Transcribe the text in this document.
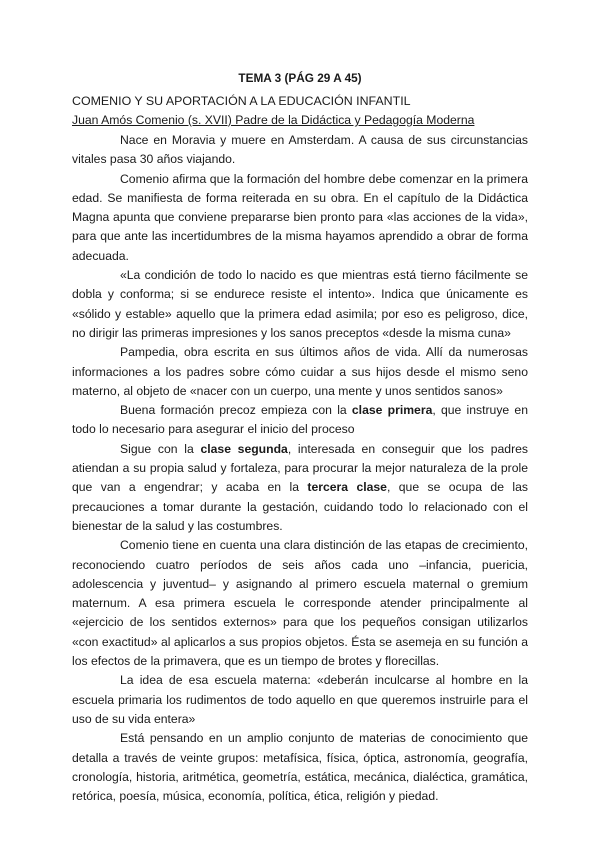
TEMA 3 (PÁG 29 A 45)
COMENIO Y SU APORTACIÓN A LA EDUCACIÓN INFANTIL
Juan Amós Comenio (s. XVII) Padre de la Didáctica y Pedagogía Moderna

Nace en Moravia y muere en Amsterdam. A causa de sus circunstancias vitales pasa 30 años viajando.

Comenio afirma que la formación del hombre debe comenzar en la primera edad. Se manifiesta de forma reiterada en su obra. En el capítulo de la Didáctica Magna apunta que conviene prepararse bien pronto para «las acciones de la vida», para que ante las incertidumbres de la misma hayamos aprendido a obrar de forma adecuada.

«La condición de todo lo nacido es que mientras está tierno fácilmente se dobla y conforma; si se endurece resiste el intento». Indica que únicamente es «sólido y estable» aquello que la primera edad asimila; por eso es peligroso, dice, no dirigir las primeras impresiones y los sanos preceptos «desde la misma cuna»

Pampedia, obra escrita en sus últimos años de vida. Allí da numerosas informaciones a los padres sobre cómo cuidar a sus hijos desde el mismo seno materno, al objeto de «nacer con un cuerpo, una mente y unos sentidos sanos»

Buena formación precoz empieza con la clase primera, que instruye en todo lo necesario para asegurar el inicio del proceso

Sigue con la clase segunda, interesada en conseguir que los padres atiendan a su propia salud y fortaleza, para procurar la mejor naturaleza de la prole que van a engendrar; y acaba en la tercera clase, que se ocupa de las precauciones a tomar durante la gestación, cuidando todo lo relacionado con el bienestar de la salud y las costumbres.

Comenio tiene en cuenta una clara distinción de las etapas de crecimiento, reconociendo cuatro períodos de seis años cada uno –infancia, puericia, adolescencia y juventud– y asignando al primero escuela maternal o gremium maternum. A esa primera escuela le corresponde atender principalmente al «ejercicio de los sentidos externos» para que los pequeños consigan utilizarlos «con exactitud» al aplicarlos a sus propios objetos. Ésta se asemeja en su función a los efectos de la primavera, que es un tiempo de brotes y florecillas.

La idea de esa escuela materna: «deberán inculcarse al hombre en la escuela primaria los rudimentos de todo aquello en que queremos instruirle para el uso de su vida entera»

Está pensando en un amplio conjunto de materias de conocimiento que detalla a través de veinte grupos: metafísica, física, óptica, astronomía, geografía, cronología, historia, aritmética, geometría, estática, mecánica, dialéctica, gramática, retórica, poesía, música, economía, política, ética, religión y piedad.
